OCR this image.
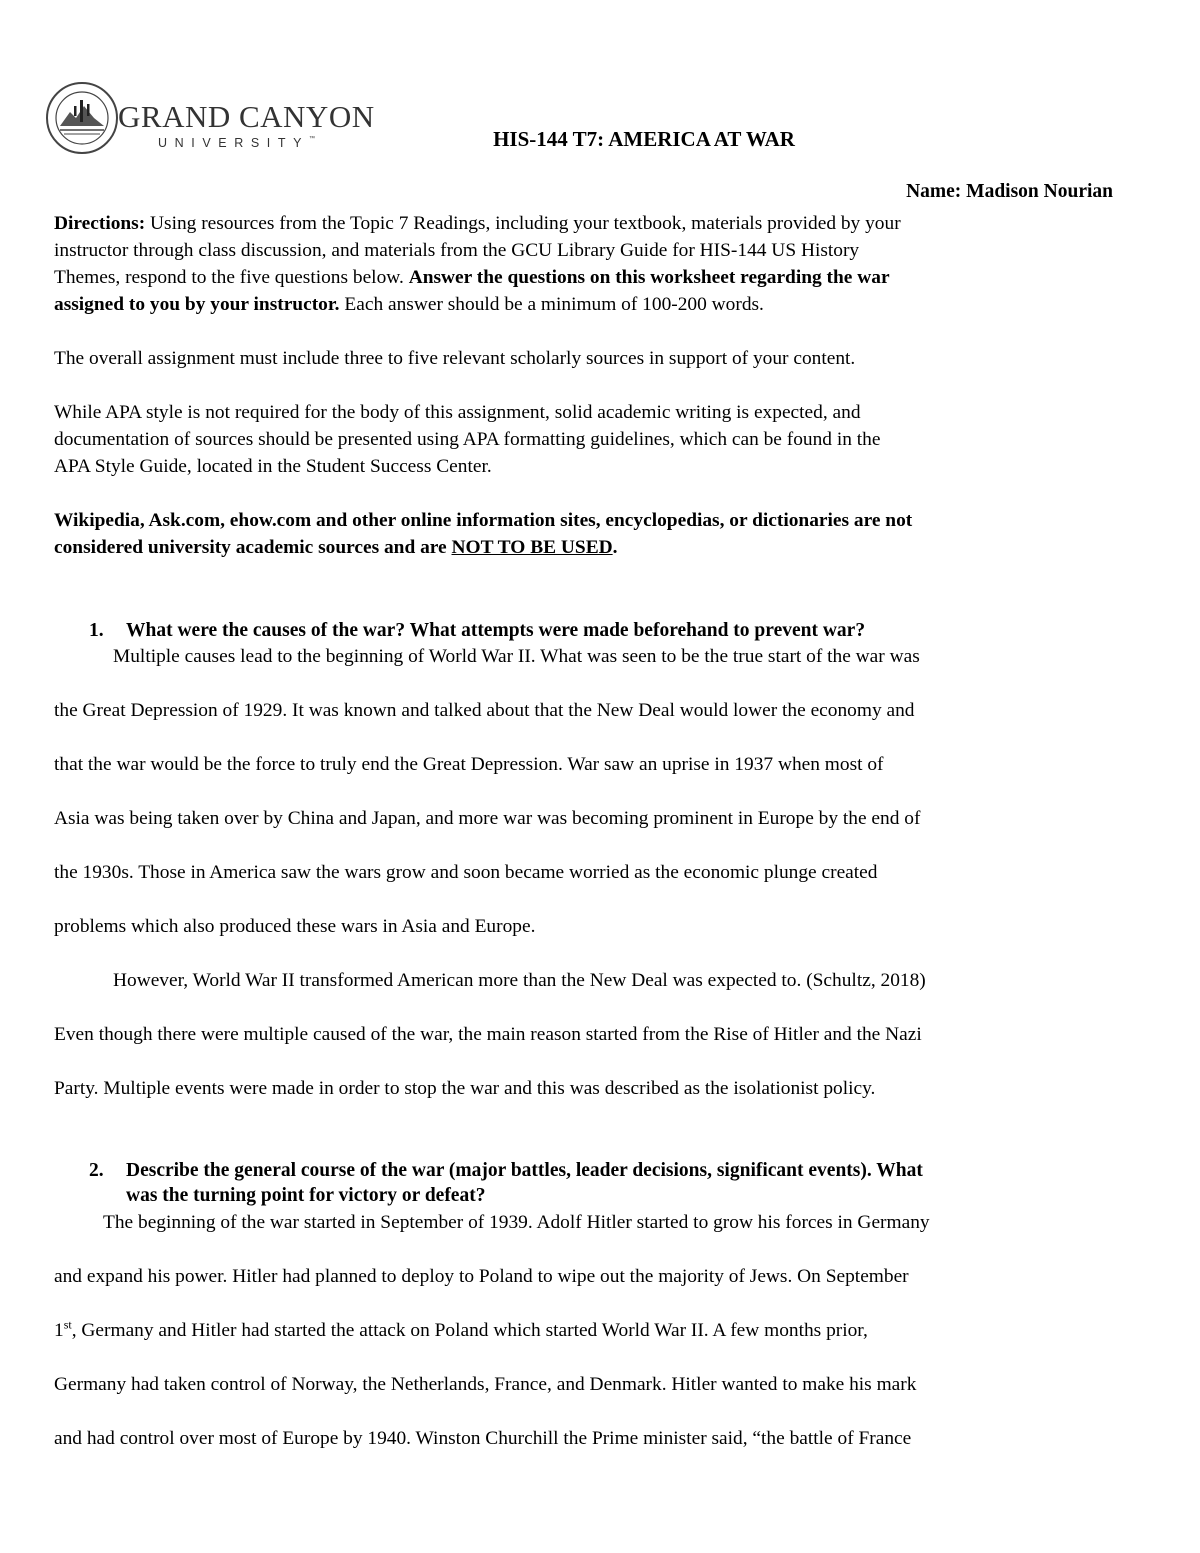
GRAND CANYON
UNIVERSITY™	HIS-144 T7: AMERICA AT WAR
Name: Madison Nourian
Directions: Using resources from the Topic 7 Readings, including your textbook, materials provided by your
instructor through class discussion, and materials from the GCU Library Guide for HIS-144 US History
Themes, respond to the five questions below. Answer the questions on this worksheet regarding the war
assigned to you by your instructor. Each answer should be a minimum of 100-200 words.
The overall assignment must include three to five relevant scholarly sources in support of your content.
While APA style is not required for the body of this assignment, solid academic writing is expected, and
documentation of sources should be presented using APA formatting guidelines, which can be found in the
APA Style Guide, located in the Student Success Center.
Wikipedia, Ask.com, ehow.com and other online information sites, encyclopedias, or dictionaries are not
considered university academic sources and are NOT TO BE USED.
1. What were the causes of the war? What attempts were made beforehand to prevent war?
Multiple causes lead to the beginning of World War II. What was seen to be the true start of the war was
the Great Depression of 1929. It was known and talked about that the New Deal would lower the economy and
that the war would be the force to truly end the Great Depression. War saw an uprise in 1937 when most of
Asia was being taken over by China and Japan, and more war was becoming prominent in Europe by the end of
the 1930s. Those in America saw the wars grow and soon became worried as the economic plunge created
problems which also produced these wars in Asia and Europe.
However, World War II transformed American more than the New Deal was expected to. (Schultz, 2018)
Even though there were multiple caused of the war, the main reason started from the Rise of Hitler and the Nazi
Party. Multiple events were made in order to stop the war and this was described as the isolationist policy.
2. Describe the general course of the war (major battles, leader decisions, significant events). What
was the turning point for victory or defeat?
The beginning of the war started in September of 1939. Adolf Hitler started to grow his forces in Germany
and expand his power. Hitler had planned to deploy to Poland to wipe out the majority of Jews. On September
1st, Germany and Hitler had started the attack on Poland which started World War II. A few months prior,
Germany had taken control of Norway, the Netherlands, France, and Denmark. Hitler wanted to make his mark
and had control over most of Europe by 1940. Winston Churchill the Prime minister said, “the battle of France
